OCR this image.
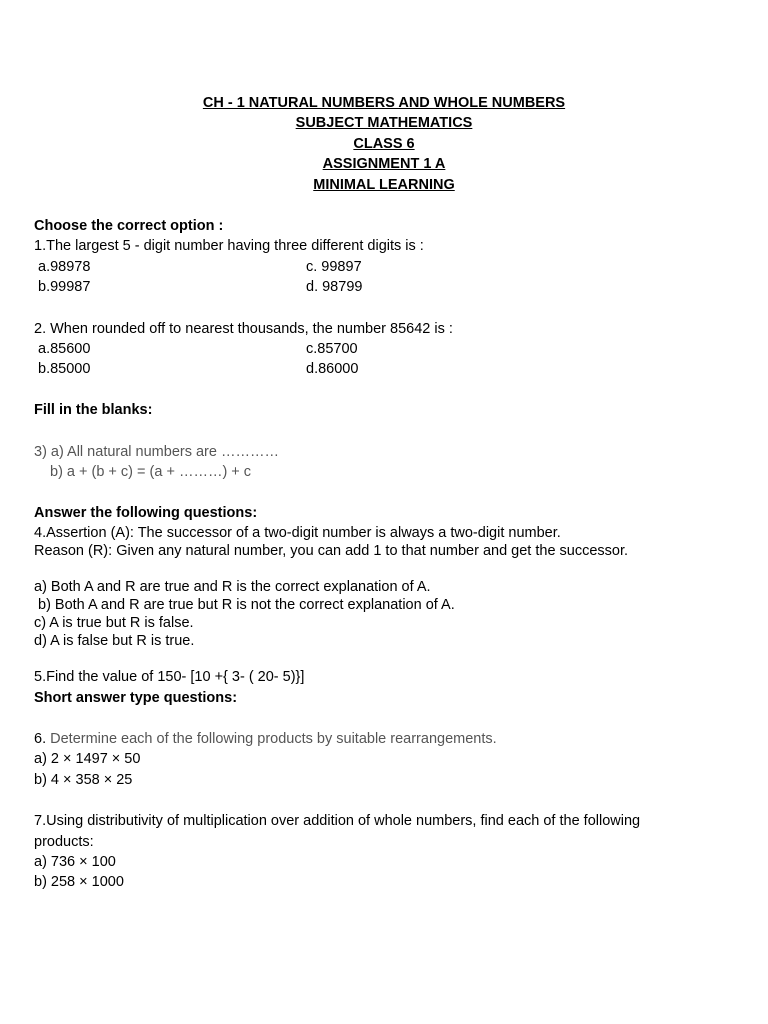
CH - 1 NATURAL NUMBERS AND WHOLE NUMBERS
SUBJECT MATHEMATICS
CLASS 6
ASSIGNMENT 1 A
MINIMAL LEARNING
Choose the correct option :
1.The largest 5 - digit number having three different digits is :
a.98978	c. 99897
b.99987	d. 98799
2. When rounded off to nearest thousands, the number 85642 is :
a.85600	c.85700
b.85000	d.86000
Fill in the blanks:
3) a) All natural numbers are …………
b) a + (b + c) = (a + ………) + c
Answer the following questions:
4.Assertion (A): The successor of a two-digit number is always a two-digit number.
Reason (R): Given any natural number, you can add 1 to that number and get the successor.
a) Both A and R are true and R is the correct explanation of A.
b) Both A and R are true but R is not the correct explanation of A.
c) A is true but R is false.
d) A is false but R is true.
5.Find the value of 150- [10 +{ 3- ( 20- 5)}]
Short answer type questions:
6. Determine each of the following products by suitable rearrangements.
a) 2 × 1497 × 50
b) 4 × 358 × 25
7.Using distributivity of multiplication over addition of whole numbers, find each of the following
products:
a) 736 × 100
b) 258 × 1000
